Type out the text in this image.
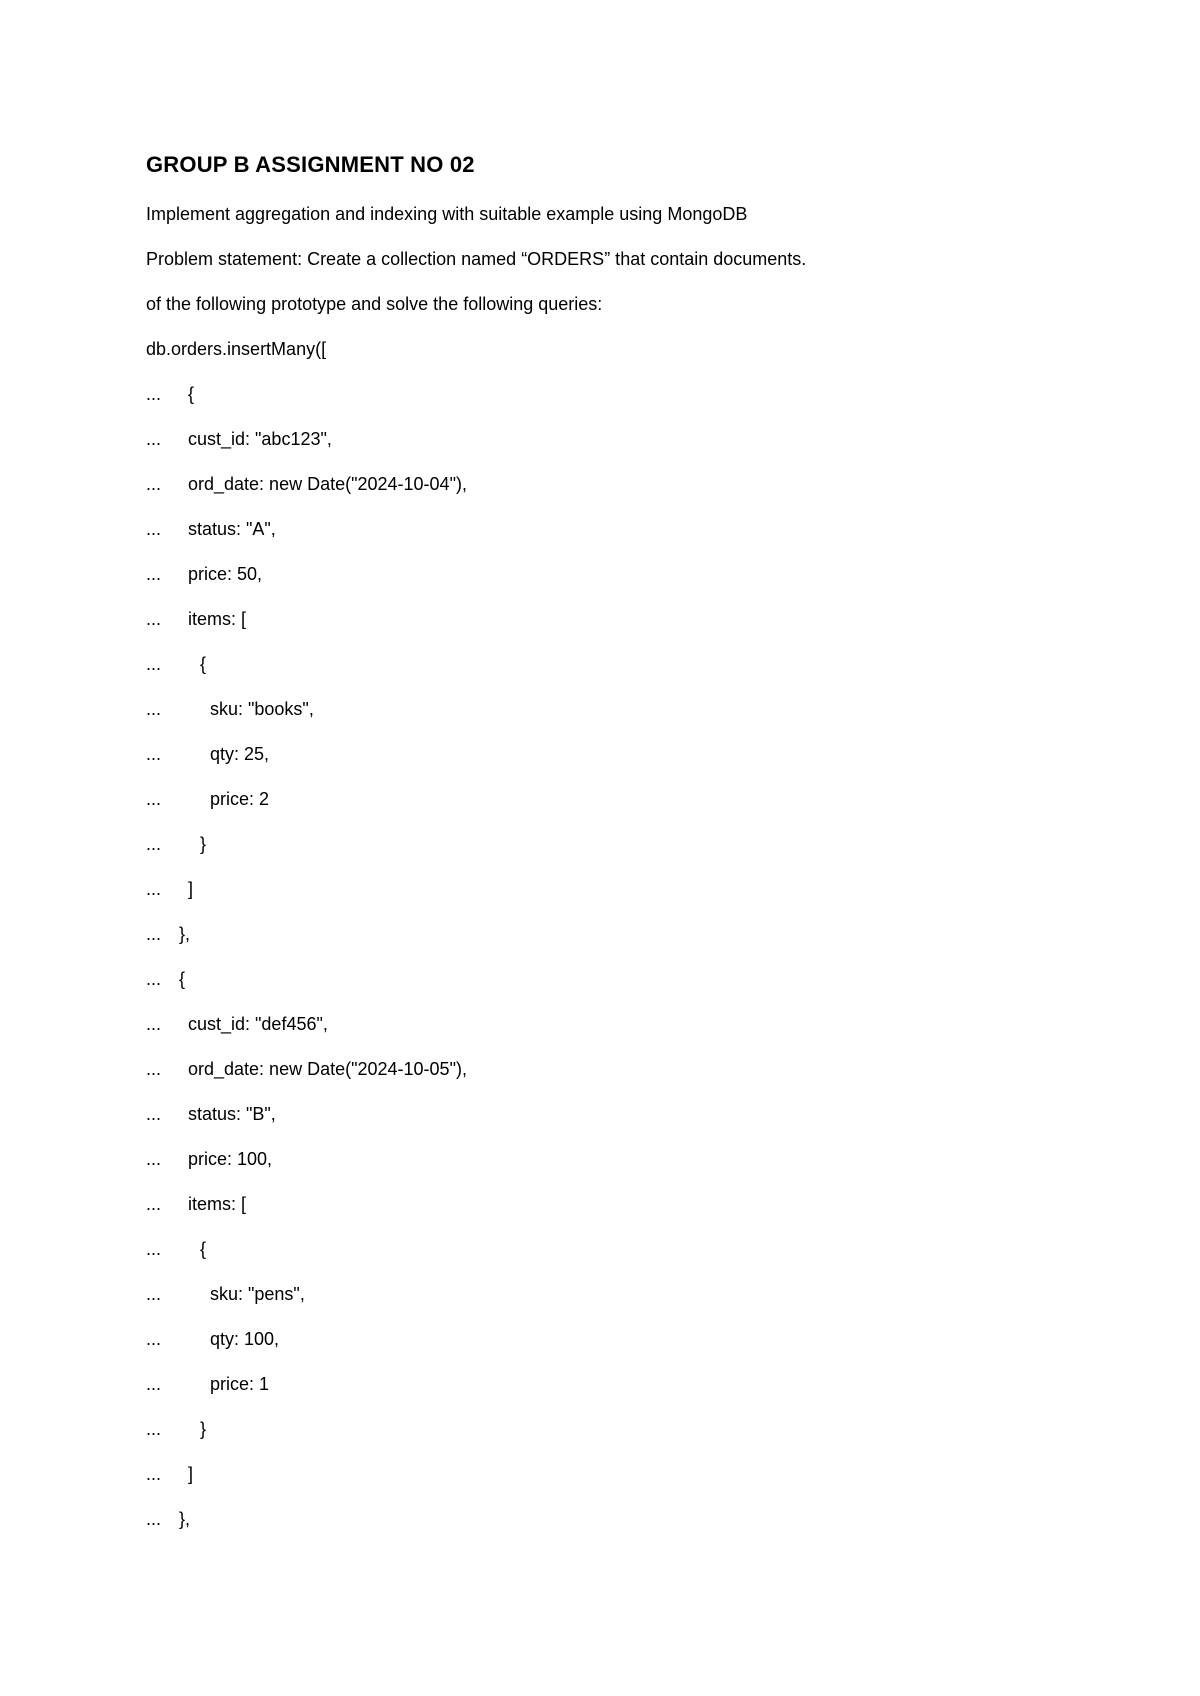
GROUP B ASSIGNMENT NO 02
Implement aggregation and indexing with suitable example using MongoDB
Problem statement: Create a collection named “ORDERS” that contain documents.
of the following prototype and solve the following queries:
db.orders.insertMany([
... {
... cust_id: "abc123",
... ord_date: new Date("2024-10-04"),
... status: "A",
... price: 50,
... items: [
... {
...	sku: "books",
...	qty: 25,
...	price: 2
... }
... ]
... },
... {
... cust_id: "def456",
... ord_date: new Date("2024-10-05"),
... status: "B",
... price: 100,
... items: [
... {
...	sku: "pens",
...	qty: 100,
...	price: 1
... }
... ]
... },
